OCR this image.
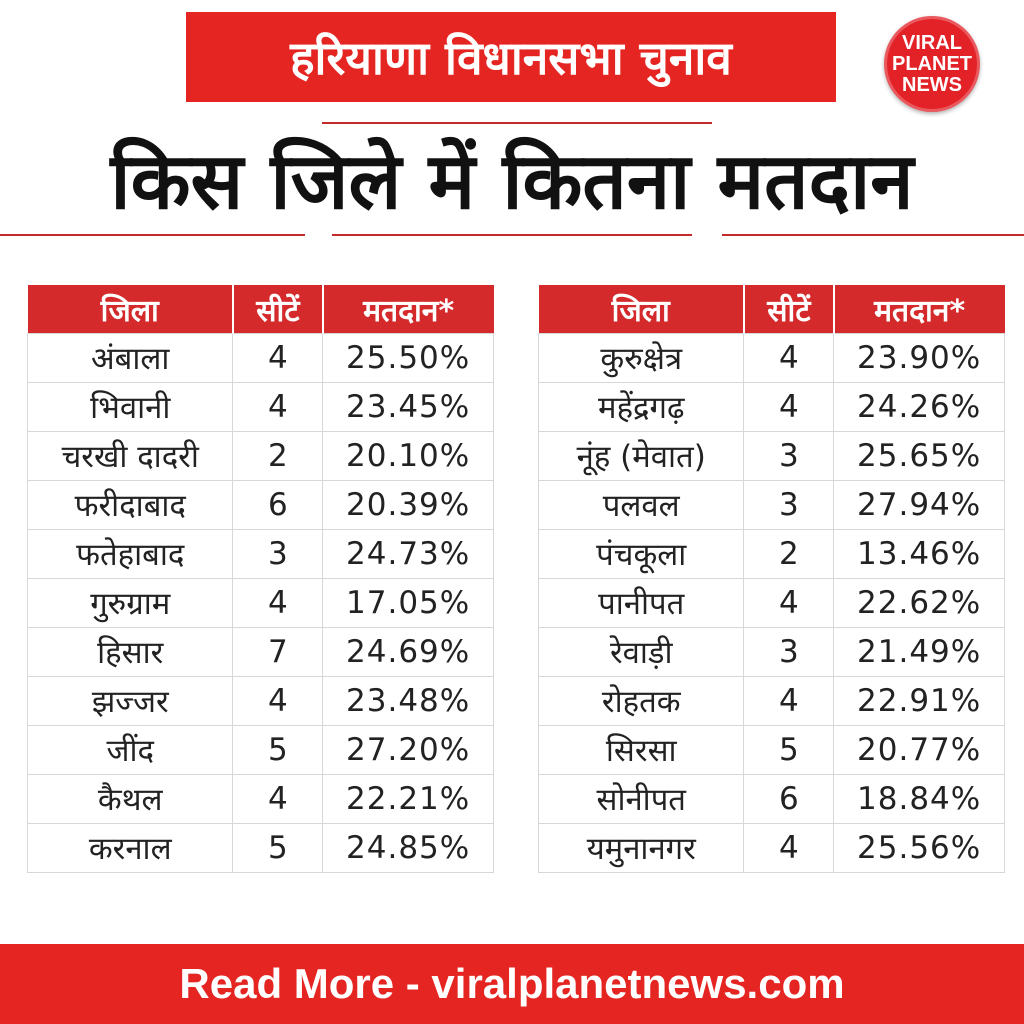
हरियाणा विधानसभा चुनाव	VIRAL
PLANET
NEWS
किस जिले में कितना मतदान
जिला	सीटें	मतदान*
अंबाला	4	25.50%
भिवानी	4	23.45%
चरखी दादरी	2	20.10%
फरीदाबाद	6	20.39%
फतेहाबाद	3	24.73%
गुरुग्राम	4	17.05%
हिसार	7	24.69%
झज्जर	4	23.48%
जींद	5	27.20%
कैथल	4	22.21%
करनाल	5	24.85%
जिला	सीटें	मतदान*
कुरुक्षेत्र	4	23.90%
महेंद्रगढ़	4	24.26%
नूंह (मेवात)	3	25.65%
पलवल	3	27.94%
पंचकूला	2	13.46%
पानीपत	4	22.62%
रेवाड़ी	3	21.49%
रोहतक	4	22.91%
सिरसा	5	20.77%
सोनीपत	6	18.84%
यमुनानगर	4	25.56%
Read More - viralplanetnews.com
